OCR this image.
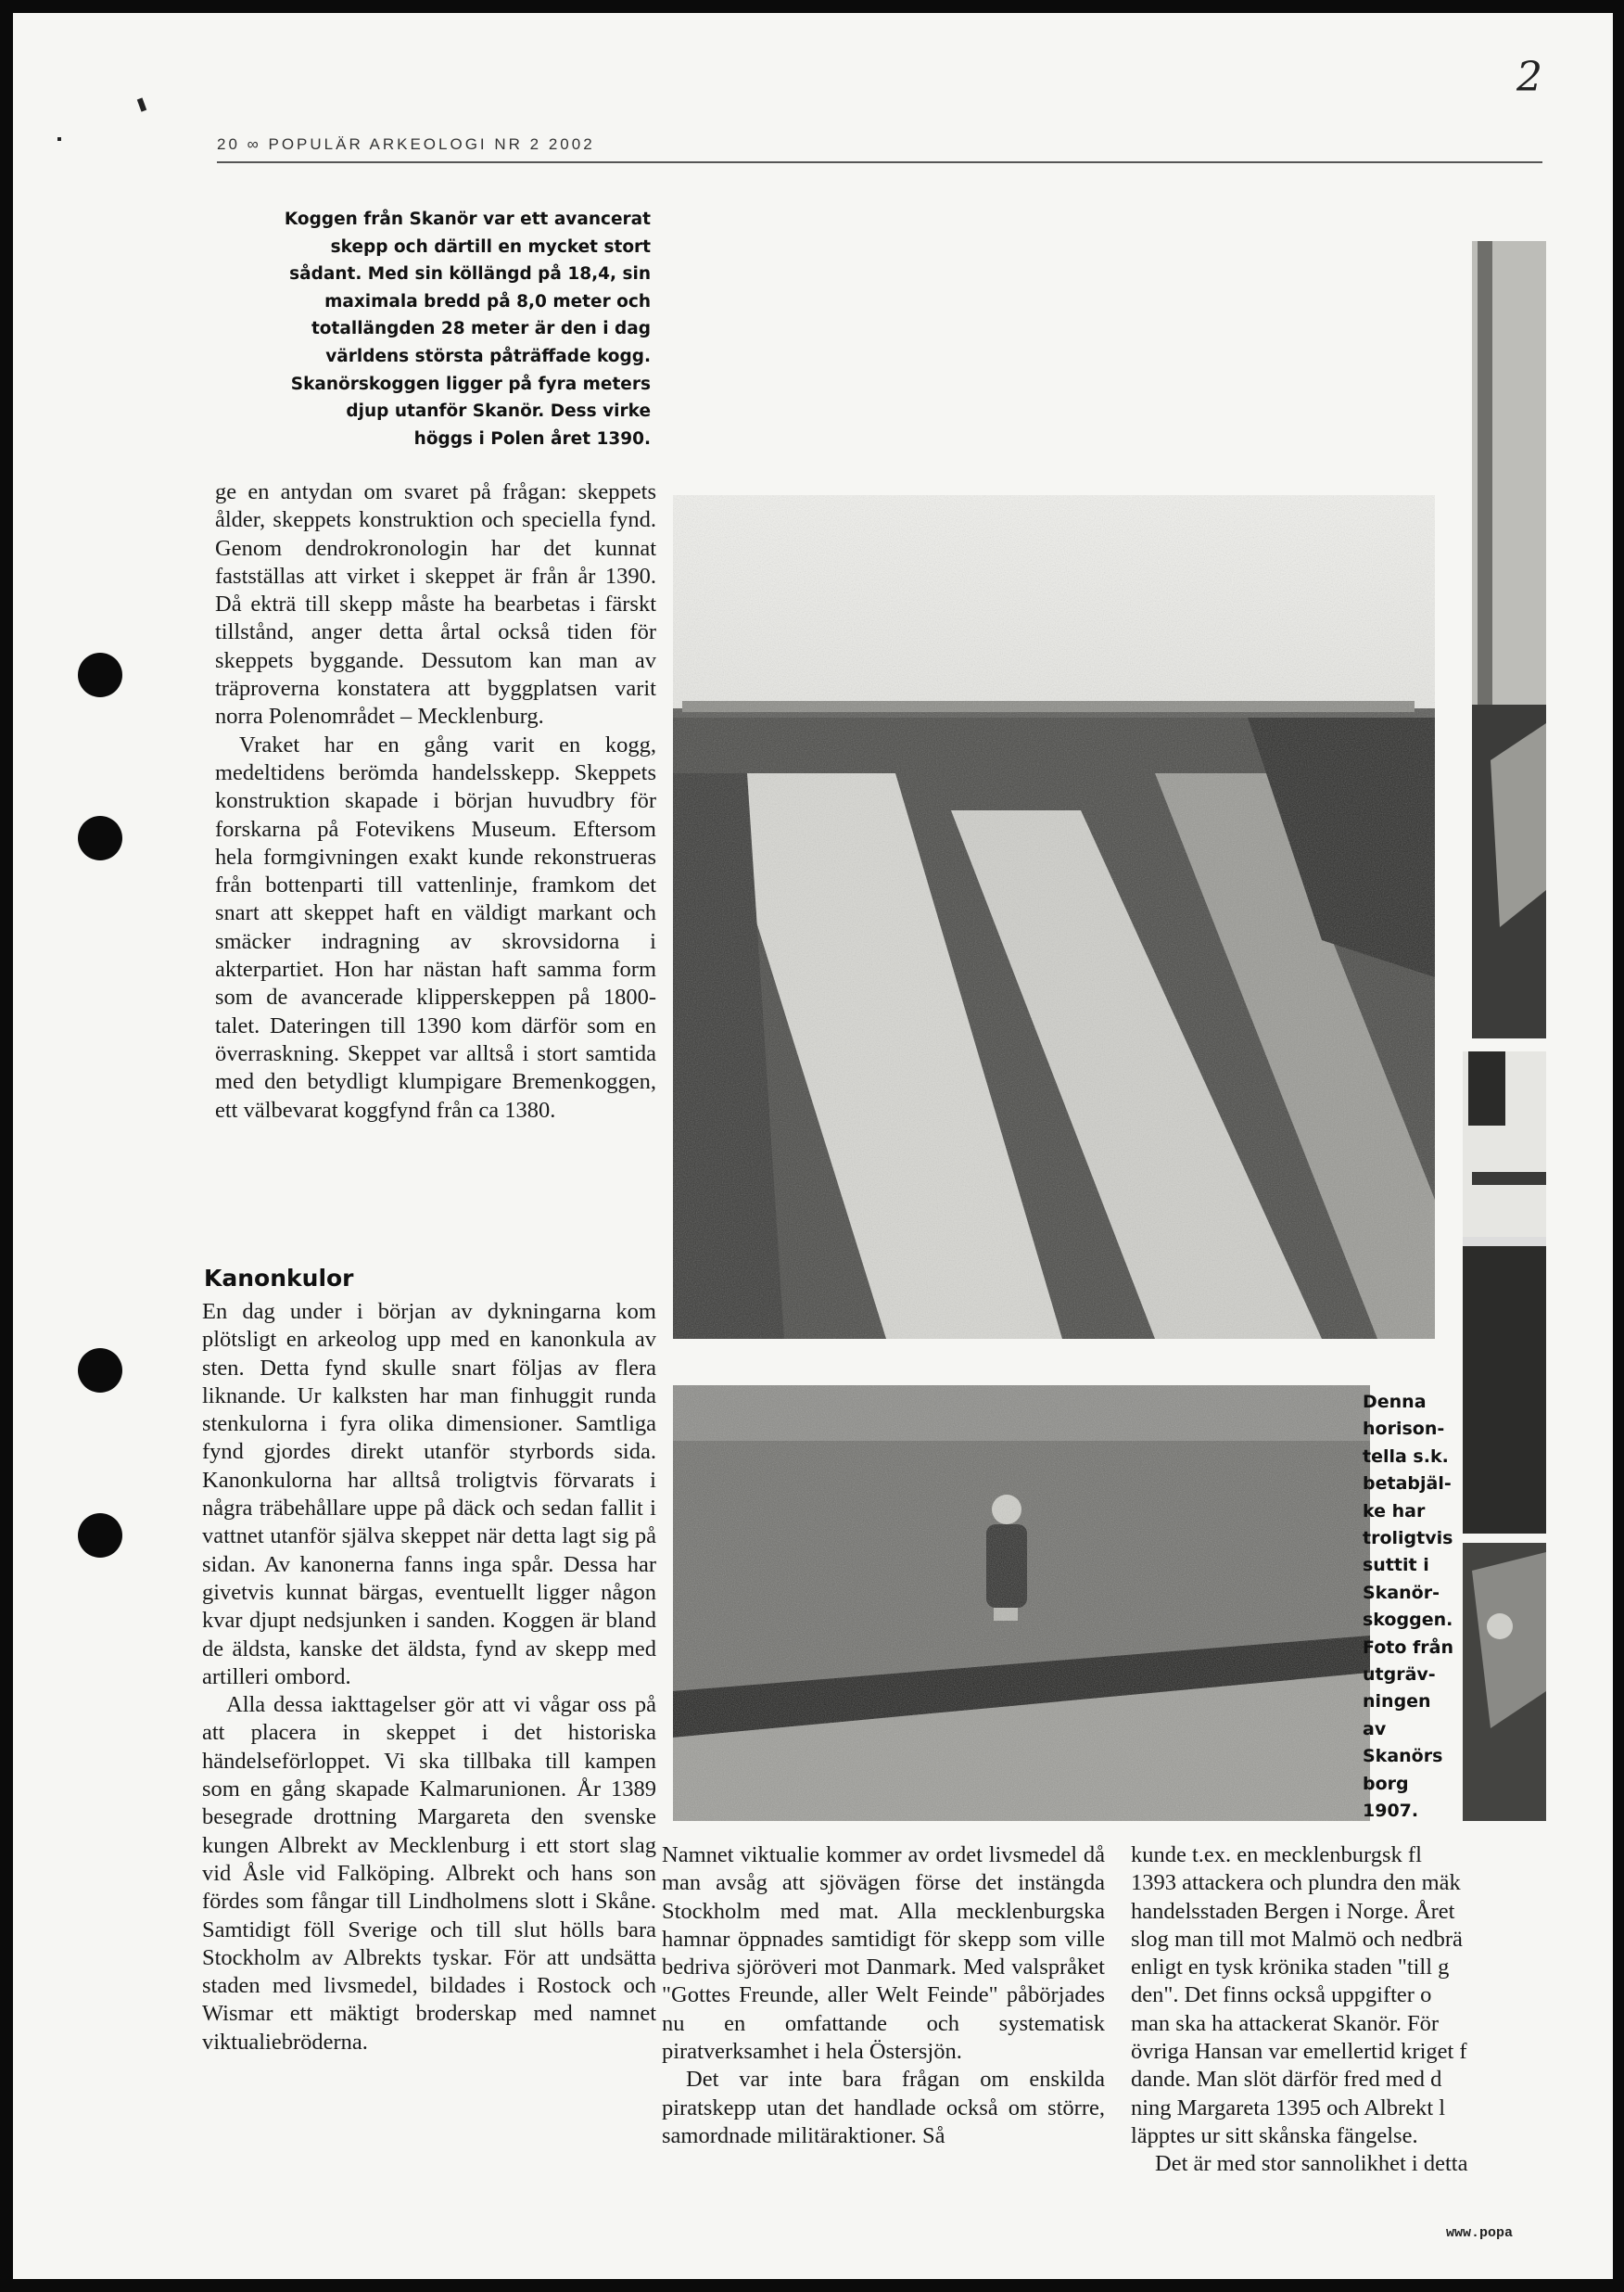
2
20 ∞ POPULÄR ARKEOLOGI NR 2 2002
Koggen från Skanör var ett avancerat skepp och därtill en mycket stort sådant. Med sin köllängd på 18,4, sin maximala bredd på 8,0 meter och totallängden 28 meter är den i dag världens största påträffade kogg. Skanörskoggen ligger på fyra meters djup utanför Skanör. Dess virke höggs i Polen året 1390.

ge en antydan om svaret på frågan: skeppets ålder, skeppets konstruktion och speciella fynd. Genom dendrokronologin har det kunnat fastställas att virket i skeppet är från år 1390. Då ekträ till skepp måste ha bearbetas i färskt tillstånd, anger detta årtal också tiden för skeppets byggande. Dessutom kan man av träproverna konstatera att byggplatsen varit norra Polenområdet – Mecklenburg.

Vraket har en gång varit en kogg, medeltidens berömda handelsskepp. Skeppets konstruktion skapade i början huvudbry för forskarna på Fotevikens Museum. Eftersom hela formgivningen exakt kunde rekonstrueras från bottenparti till vattenlinje, framkom det snart att skeppet haft en väldigt markant och smäcker indragning av skrovsidorna i akterpartiet. Hon har nästan haft samma form som de avancerade klipperskeppen på 1800-talet. Dateringen till 1390 kom därför som en överraskning. Skeppet var alltså i stort samtida med den betydligt klumpigare Bremenkoggen, ett välbevarat koggfynd från ca 1380.

Kanonkulor

En dag under i början av dykningarna kom plötsligt en arkeolog upp med en kanonkula av sten. Detta fynd skulle snart följas av flera liknande. Ur kalksten har man finhuggit runda stenkulorna i fyra olika dimensioner. Samtliga fynd gjordes direkt utanför styrbords sida. Kanonkulorna har alltså troligtvis förvarats i några träbehållare uppe på däck och sedan fallit i vattnet utanför själva skeppet när detta lagt sig på sidan. Av kanonerna fanns inga spår. Dessa har givetvis kunnat bärgas, eventuellt ligger någon kvar djupt nedsjunken i sanden. Koggen är bland de äldsta, kanske det äldsta, fynd av skepp med artilleri ombord.

Alla dessa iakttagelser gör att vi vågar oss på att placera in skeppet i det historiska händelseförloppet. Vi ska tillbaka till kampen som en gång skapade Kalmarunionen. År 1389 besegrade drottning Margareta den svenske kungen Albrekt av Mecklenburg i ett stort slag vid Åsle vid Falköping. Albrekt och hans son fördes som fångar till Lindholmens slott i Skåne. Samtidigt föll Sverige och till slut hölls bara Stockholm av Albrekts tyskar. För att undsätta staden med livsmedel, bildades i Rostock och Wismar ett mäktigt broderskap med namnet viktualiebröderna.

Denna
horison-
tella s.k.
betabjäl-
ke har
troligtvis
suttit i
Skanör-
skoggen.
Foto från
utgräv-
ningen
av
Skanörs
borg
1907.

Namnet viktualie kommer av ordet livsmedel då man avsåg att sjövägen förse det instängda Stockholm med mat. Alla mecklenburgska hamnar öppnades samtidigt för skepp som ville bedriva sjöröveri mot Danmark. Med valspråket "Gottes Freunde, aller Welt Feinde" påbörjades nu en omfattande och systematisk piratverksamhet i hela Östersjön.

Det var inte bara frågan om enskilda piratskepp utan det handlade också om större, samordnade militäraktioner. Så

kunde t.ex. en mecklenburgsk fl
1393 attackera och plundra den mäk
handelsstaden Bergen i Norge. Året
slog man till mot Malmö och nedbrä
enligt en tysk krönika staden "till g
den". Det finns också uppgifter o
man ska ha attackerat Skanör. För
övriga Hansan var emellertid kriget f
dande. Man slöt därför fred med d
ning Margareta 1395 och Albrekt l
läpptes ur sitt skånska fängelse.
Det är med stor sannolikhet i detta
www.popa
